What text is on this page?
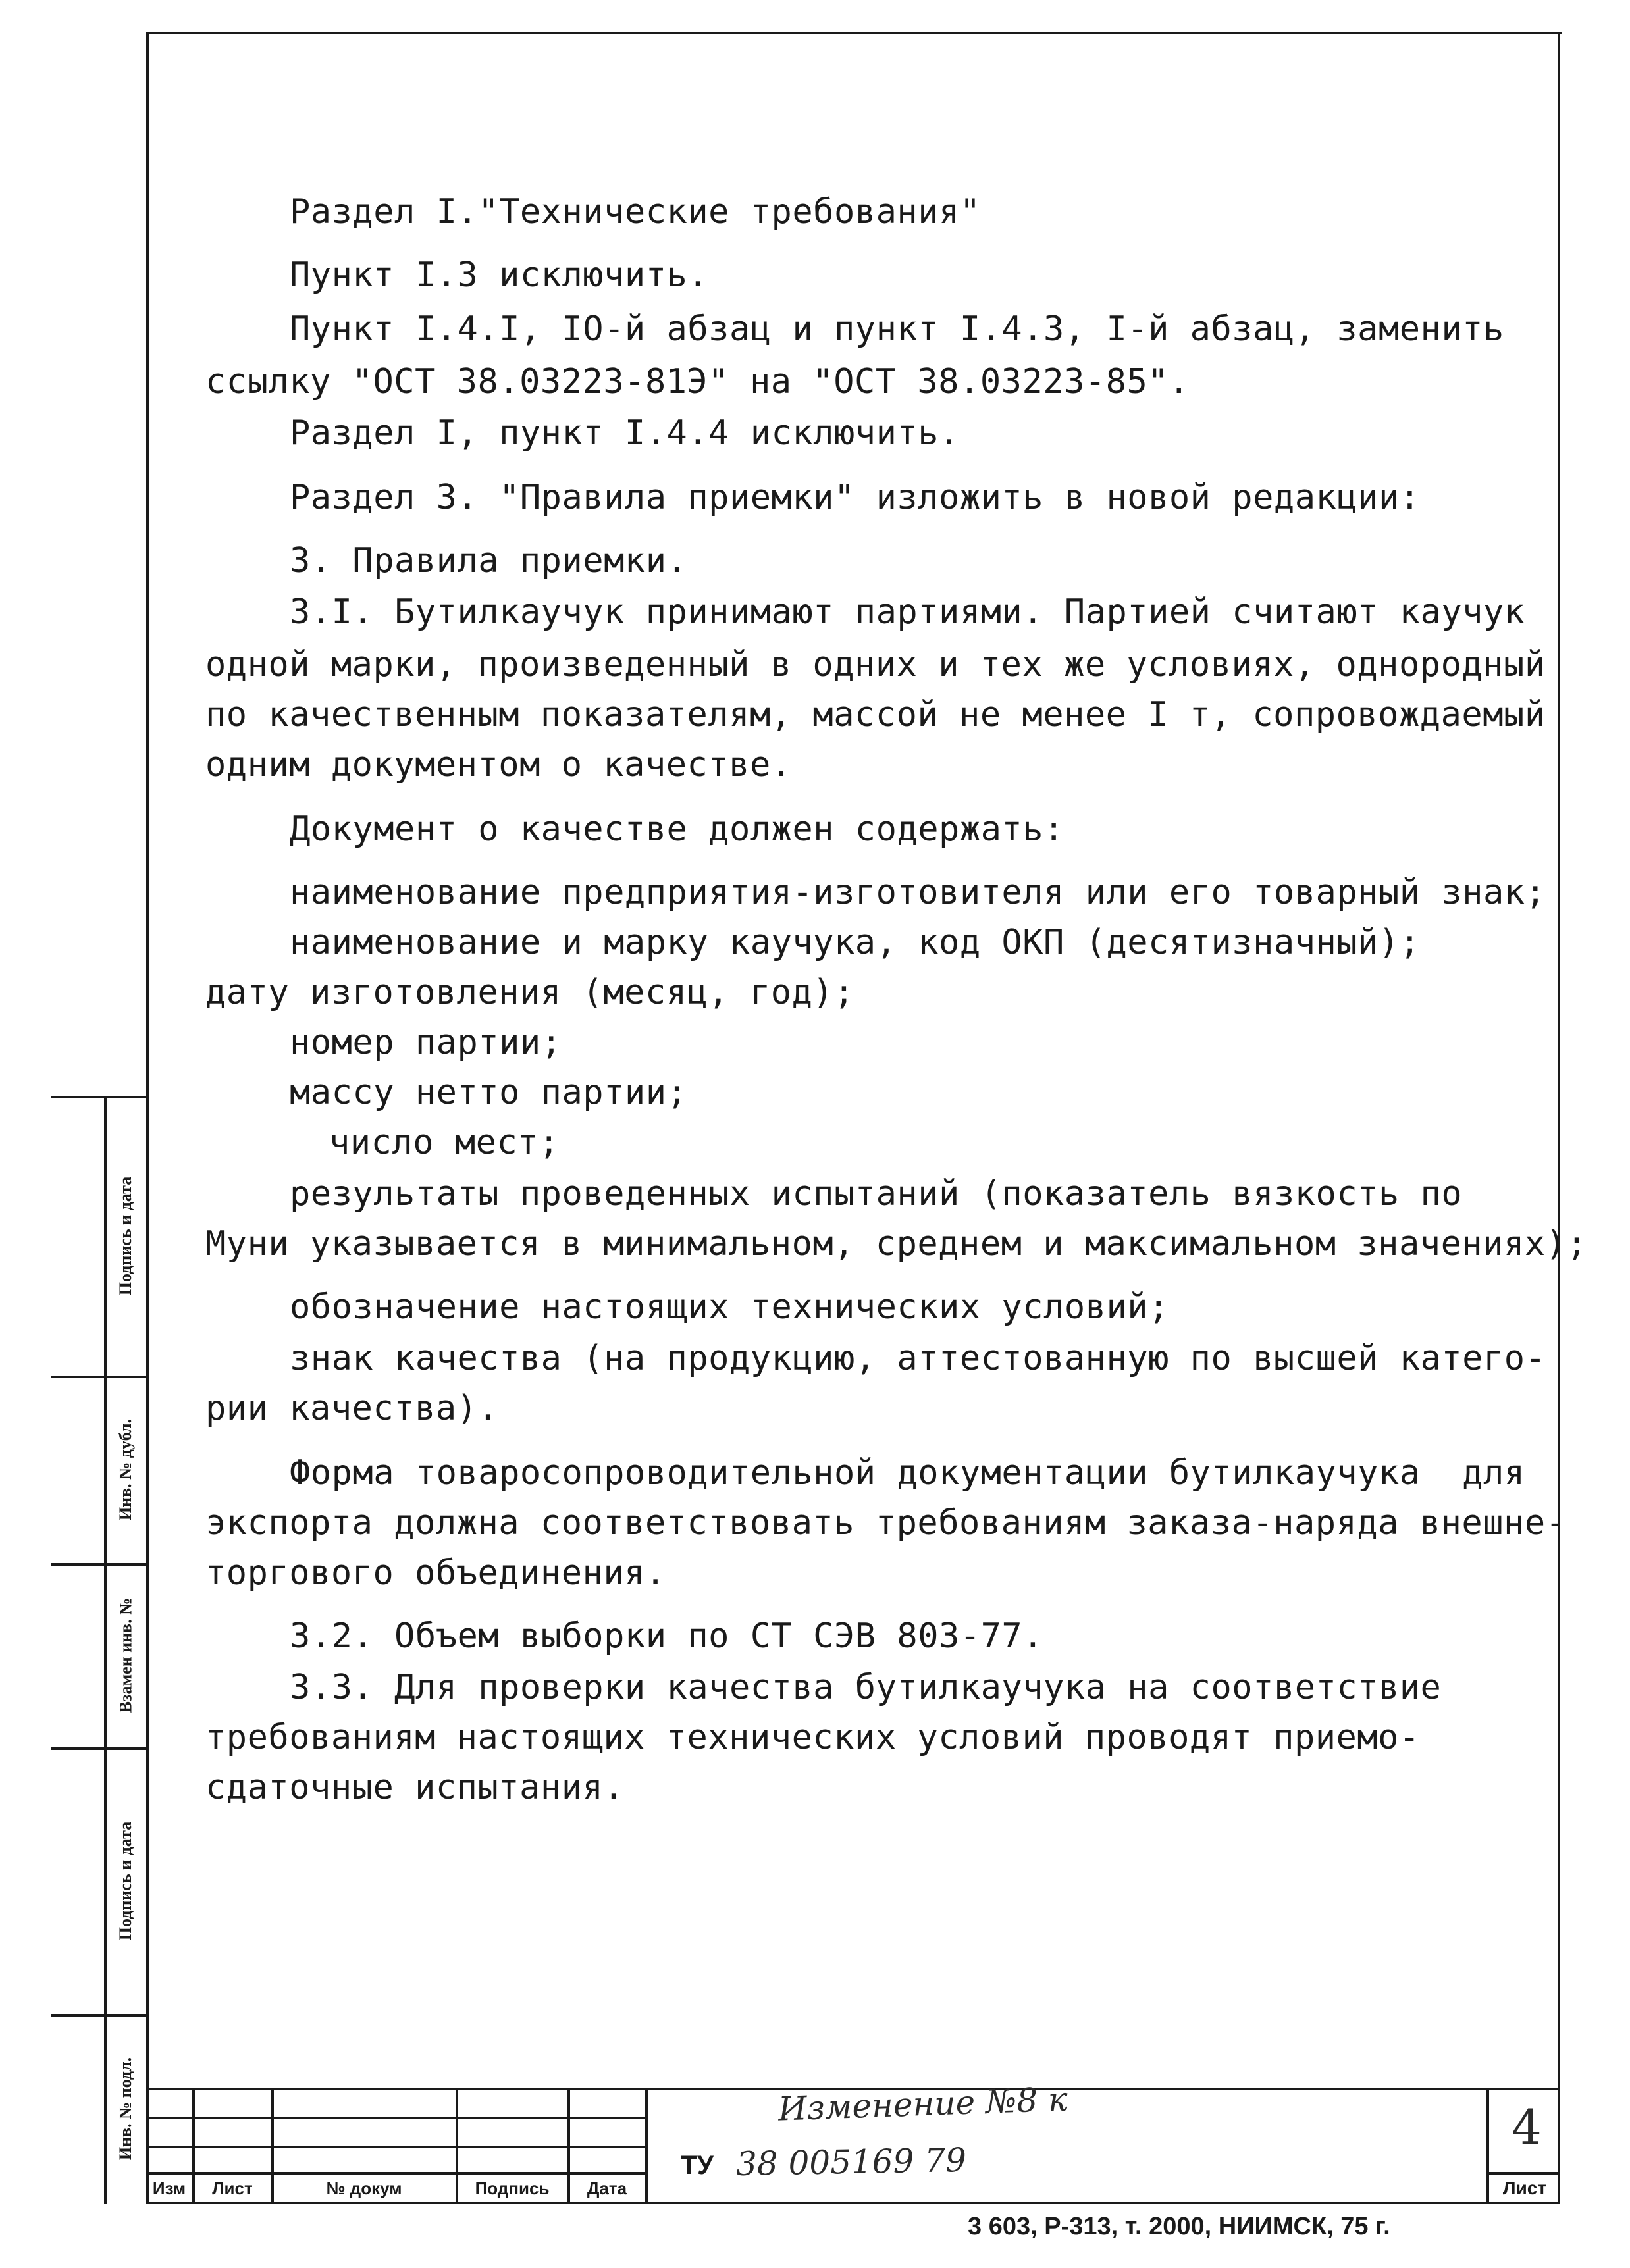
Раздел I."Технические требования"
Пункт I.3 исключить.
Пункт I.4.I, IO-й абзац и пункт I.4.3, I-й абзац, заменить
ссылку "ОСТ 38.03223-81Э" на "ОСТ 38.03223-85".
Раздел I, пункт I.4.4 исключить.
Раздел 3. "Правила приемки" изложить в новой редакции:
3. Правила приемки.
3.I. Бутилкаучук принимают партиями. Партией считают каучук
одной марки, произведенный в одних и тех же условиях, однородный
по качественным показателям, массой не менее I т, сопровождаемый
одним документом о качестве.
Документ о качестве должен содержать:
наименование предприятия-изготовителя или его товарный знак;
наименование и марку каучука, код ОКП (десятизначный);
дату изготовления (месяц, год);
номер партии;
массу нетто партии;
число мест;
результаты проведенных испытаний (показатель вязкость по
Муни указывается в минимальном, среднем и максимальном значениях);
обозначение настоящих технических условий;
знак качества (на продукцию, аттестованную по высшей катего-
рии качества).
Форма товаросопроводительной документации бутилкаучука  для
экспорта должна соответствовать требованиям заказа-наряда внешне-
торгового объединения.
3.2. Объем выборки по СТ СЭВ 803-77.
3.3. Для проверки качества бутилкаучука на соответствие
требованиям настоящих технических условий проводят приемо-
сдаточные испытания.
Подпись и дата
Инв. № дубл.
Взамен инв. №
Подпись и дата
Инв. № подл.
Изм	Лист	№ докум	Подпись	Дата
Изменение №8 к
ТУ 38 005169 79
4
Лист
3 603, Р-313, т. 2000, НИИМСК, 75 г.
